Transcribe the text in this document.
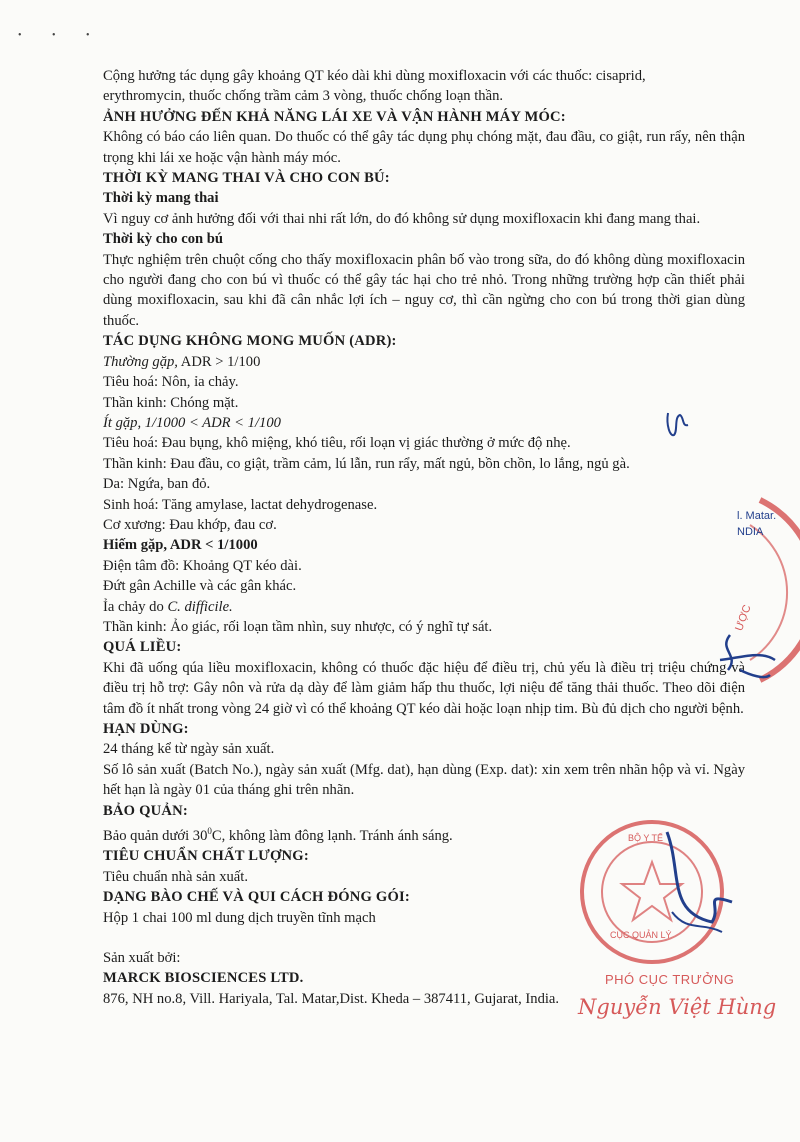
• • •

Cộng hưởng tác dụng gây khoảng QT kéo dài khi dùng moxifloxacin với các thuốc: cisaprid,

erythromycin, thuốc chống trầm cảm 3 vòng, thuốc chống loạn thần.

ẢNH HƯỞNG ĐẾN KHẢ NĂNG LÁI XE VÀ VẬN HÀNH MÁY MÓC:

Không có báo cáo liên quan. Do thuốc có thể gây tác dụng phụ chóng mặt, đau đầu, co giật, run rẩy, nên thận trọng khi lái xe hoặc vận hành máy móc.

THỜI KỲ MANG THAI VÀ CHO CON BÚ:

Thời kỳ mang thai

Vì nguy cơ ảnh hưởng đối với thai nhi rất lớn, do đó không sử dụng moxifloxacin khi đang mang thai.

Thời kỳ cho con bú

Thực nghiệm trên chuột cống cho thấy moxifloxacin phân bố vào trong sữa, do đó không dùng moxifloxacin cho người đang cho con bú vì thuốc có thể gây tác hại cho trẻ nhỏ. Trong những trường hợp cần thiết phải dùng moxifloxacin, sau khi đã cân nhắc lợi ích – nguy cơ, thì cần ngừng cho con bú trong thời gian dùng thuốc.

TÁC DỤNG KHÔNG MONG MUỐN (ADR):

Thường gặp, ADR > 1/100

Tiêu hoá: Nôn, ỉa chảy.

Thần kinh: Chóng mặt.

Ít gặp, 1/1000 < ADR < 1/100

Tiêu hoá: Đau bụng, khô miệng, khó tiêu, rối loạn vị giác thường ở mức độ nhẹ.

Thần kinh: Đau đầu, co giật, trầm cảm, lú lẫn, run rẩy, mất ngủ, bồn chồn, lo lắng, ngủ gà.

Da: Ngứa, ban đỏ.

Sinh hoá: Tăng amylase, lactat dehydrogenase.

Cơ xương: Đau khớp, đau cơ.

Hiếm gặp, ADR < 1/1000

Điện tâm đồ: Khoảng QT kéo dài.

Đứt gân Achille và các gân khác.

Ỉa chảy do C. difficile.

Thần kinh: Ảo giác, rối loạn tầm nhìn, suy nhược, có ý nghĩ tự sát.

QUÁ LIỀU:

Khi đã uống qúa liều moxifloxacin, không có thuốc đặc hiệu để điều trị, chủ yếu là điều trị triệu chứng và điều trị hỗ trợ: Gây nôn và rửa dạ dày để làm giảm hấp thu thuốc, lợi niệu để tăng thải thuốc. Theo dõi điện tâm đồ ít nhất trong vòng 24 giờ vì có thể khoảng QT kéo dài hoặc loạn nhịp tim. Bù đủ dịch cho người bệnh.

HẠN DÙNG:

24 tháng kể từ ngày sản xuất.

Số lô sản xuất (Batch No.), ngày sản xuất (Mfg. dat), hạn dùng (Exp. dat): xin xem trên nhãn hộp và vỉ. Ngày hết hạn là ngày 01 của tháng ghi trên nhãn.

BẢO QUẢN:

Bảo quản dưới $30^0C$, không làm đông lạnh. Tránh ánh sáng.

TIÊU CHUẨN CHẤT LƯỢNG:

Tiêu chuẩn nhà sản xuất.

DẠNG BÀO CHẾ VÀ QUI CÁCH ĐÓNG GÓI:

Hộp 1 chai 100 ml dung dịch truyền tĩnh mạch

Sản xuất bởi:

MARCK BIOSCIENCES LTD.

876, NH no.8, Vill. Hariyala, Tal. Matar,Dist. Kheda – 387411, Gujarat, India.

l. Matar.
NDIA
ƯỢC
BỘ Y TẾ
CỤC QUẢN LÝ
PHÓ CỤC TRƯỞNG
Nguyễn Việt Hùng
